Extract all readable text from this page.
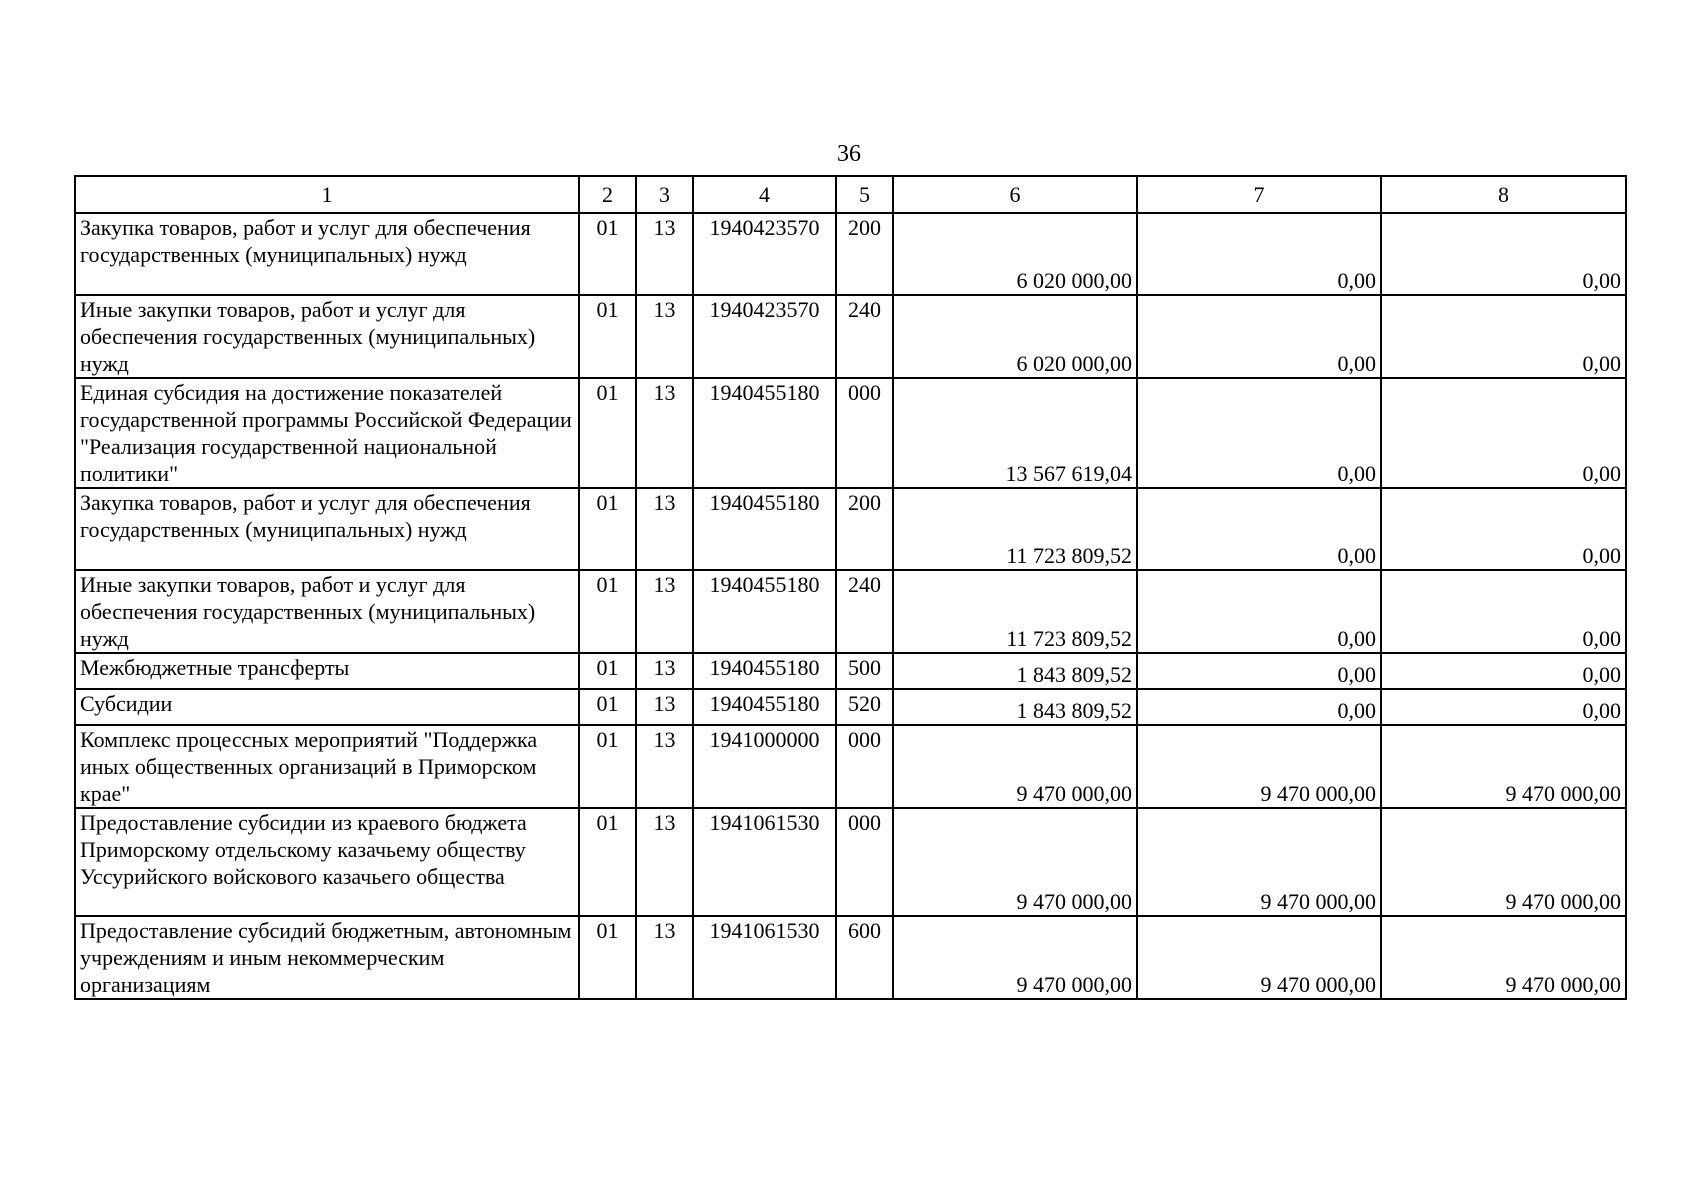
36
1	2	3	4	5	6	7	8
Закупка товаров, работ и услуг для обеспечения государственных (муниципальных) нужд	01	13	1940423570	200	6 020 000,00	0,00	0,00
Иные закупки товаров, работ и услуг для обеспечения государственных (муниципальных) нужд	01	13	1940423570	240	6 020 000,00	0,00	0,00
Единая субсидия на достижение показателей государственной программы Российской Федерации "Реализация государственной национальной политики"	01	13	1940455180	000	13 567 619,04	0,00	0,00
Закупка товаров, работ и услуг для обеспечения государственных (муниципальных) нужд	01	13	1940455180	200	11 723 809,52	0,00	0,00
Иные закупки товаров, работ и услуг для обеспечения государственных (муниципальных) нужд	01	13	1940455180	240	11 723 809,52	0,00	0,00
Межбюджетные трансферты	01	13	1940455180	500	1 843 809,52	0,00	0,00
Субсидии	01	13	1940455180	520	1 843 809,52	0,00	0,00
Комплекс процессных мероприятий "Поддержка иных общественных организаций в Приморском крае"	01	13	1941000000	000	9 470 000,00	9 470 000,00	9 470 000,00
Предоставление субсидии из краевого бюджета Приморскому отдельскому казачьему обществу Уссурийского войскового казачьего общества	01	13	1941061530	000	9 470 000,00	9 470 000,00	9 470 000,00
Предоставление субсидий бюджетным, автономным учреждениям и иным некоммерческим организациям	01	13	1941061530	600	9 470 000,00	9 470 000,00	9 470 000,00
